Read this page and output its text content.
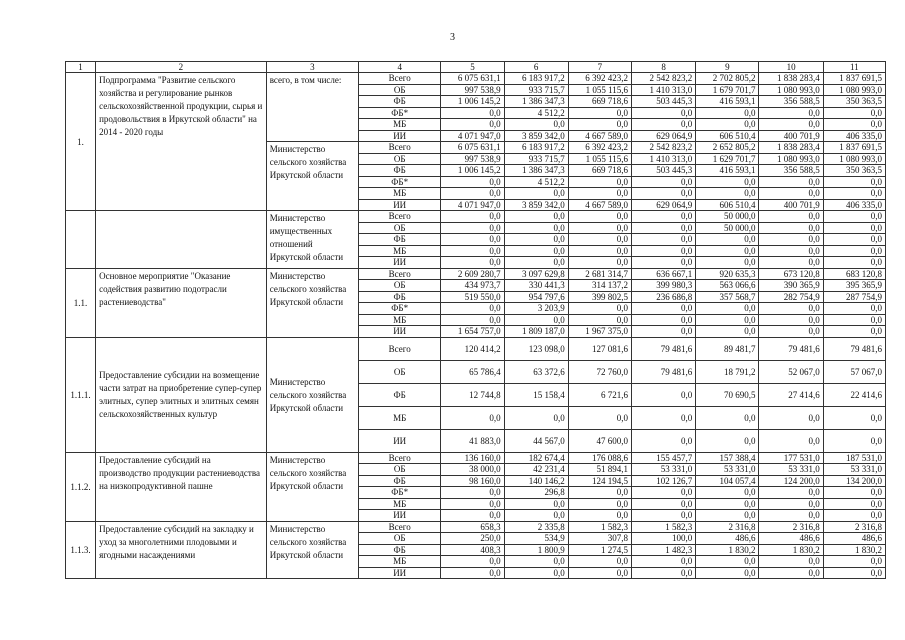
3
1	2	3	4	5	6	7	8	9	10	11
1.	Подпрограмма "Развитие сельского хозяйства и регулирование рынков сельскохозяйственной продукции, сырья и продовольствия в Иркутской области" на 2014 - 2020 годы	всего, в том числе:	Всего	6 075 631,1	6 183 917,2	6 392 423,2	2 542 823,2	2 702 805,2	1 838 283,4	1 837 691,5
			ОБ	997 538,9	933 715,7	1 055 115,6	1 410 313,0	1 679 701,7	1 080 993,0	1 080 993,0
			ФБ	1 006 145,2	1 386 347,3	669 718,6	503 445,3	416 593,1	356 588,5	350 363,5
			ФБ*	0,0	4 512,2	0,0	0,0	0,0	0,0	0,0
			МБ	0,0	0,0	0,0	0,0	0,0	0,0	0,0
			ИИ	4 071 947,0	3 859 342,0	4 667 589,0	629 064,9	606 510,4	400 701,9	406 335,0
		Министерство сельского хозяйства Иркутской области	Всего	6 075 631,1	6 183 917,2	6 392 423,2	2 542 823,2	2 652 805,2	1 838 283,4	1 837 691,5
			ОБ	997 538,9	933 715,7	1 055 115,6	1 410 313,0	1 629 701,7	1 080 993,0	1 080 993,0
			ФБ	1 006 145,2	1 386 347,3	669 718,6	503 445,3	416 593,1	356 588,5	350 363,5
			ФБ*	0,0	4 512,2	0,0	0,0	0,0	0,0	0,0
			МБ	0,0	0,0	0,0	0,0	0,0	0,0	0,0
			ИИ	4 071 947,0	3 859 342,0	4 667 589,0	629 064,9	606 510,4	400 701,9	406 335,0
		Министерство имущественных отношений Иркутской области	Всего	0,0	0,0	0,0	0,0	50 000,0	0,0	0,0
			ОБ	0,0	0,0	0,0	0,0	50 000,0	0,0	0,0
			ФБ	0,0	0,0	0,0	0,0	0,0	0,0	0,0
			МБ	0,0	0,0	0,0	0,0	0,0	0,0	0,0
			ИИ	0,0	0,0	0,0	0,0	0,0	0,0	0,0
1.1.	Основное мероприятие "Оказание содействия развитию подотрасли растениеводства"	Министерство сельского хозяйства Иркутской области	Всего	2 609 280,7	3 097 629,8	2 681 314,7	636 667,1	920 635,3	673 120,8	683 120,8
			ОБ	434 973,7	330 441,3	314 137,2	399 980,3	563 066,6	390 365,9	395 365,9
			ФБ	519 550,0	954 797,6	399 802,5	236 686,8	357 568,7	282 754,9	287 754,9
			ФБ*	0,0	3 203,9	0,0	0,0	0,0	0,0	0,0
			МБ	0,0	0,0	0,0	0,0	0,0	0,0	0,0
			ИИ	1 654 757,0	1 809 187,0	1 967 375,0	0,0	0,0	0,0	0,0
1.1.1.	Предоставление субсидии на возмещение части затрат на приобретение супер-супер элитных, супер элитных и элитных семян сельскохозяйственных культур	Министерство сельского хозяйства Иркутской области	Всего	120 414,2	123 098,0	127 081,6	79 481,6	89 481,7	79 481,6	79 481,6
			ОБ	65 786,4	63 372,6	72 760,0	79 481,6	18 791,2	52 067,0	57 067,0
			ФБ	12 744,8	15 158,4	6 721,6	0,0	70 690,5	27 414,6	22 414,6
			МБ	0,0	0,0	0,0	0,0	0,0	0,0	0,0
			ИИ	41 883,0	44 567,0	47 600,0	0,0	0,0	0,0	0,0
1.1.2.	Предоставление субсидий на производство продукции растениеводства на низкопродуктивной пашне	Министерство сельского хозяйства Иркутской области	Всего	136 160,0	182 674,4	176 088,6	155 457,7	157 388,4	177 531,0	187 531,0
			ОБ	38 000,0	42 231,4	51 894,1	53 331,0	53 331,0	53 331,0	53 331,0
			ФБ	98 160,0	140 146,2	124 194,5	102 126,7	104 057,4	124 200,0	134 200,0
			ФБ*	0,0	296,8	0,0	0,0	0,0	0,0	0,0
			МБ	0,0	0,0	0,0	0,0	0,0	0,0	0,0
			ИИ	0,0	0,0	0,0	0,0	0,0	0,0	0,0
1.1.3.	Предоставление субсидий на закладку и уход за многолетними плодовыми и ягодными насаждениями	Министерство сельского хозяйства Иркутской области	Всего	658,3	2 335,8	1 582,3	1 582,3	2 316,8	2 316,8	2 316,8
			ОБ	250,0	534,9	307,8	100,0	486,6	486,6	486,6
			ФБ	408,3	1 800,9	1 274,5	1 482,3	1 830,2	1 830,2	1 830,2
			МБ	0,0	0,0	0,0	0,0	0,0	0,0	0,0
			ИИ	0,0	0,0	0,0	0,0	0,0	0,0	0,0
